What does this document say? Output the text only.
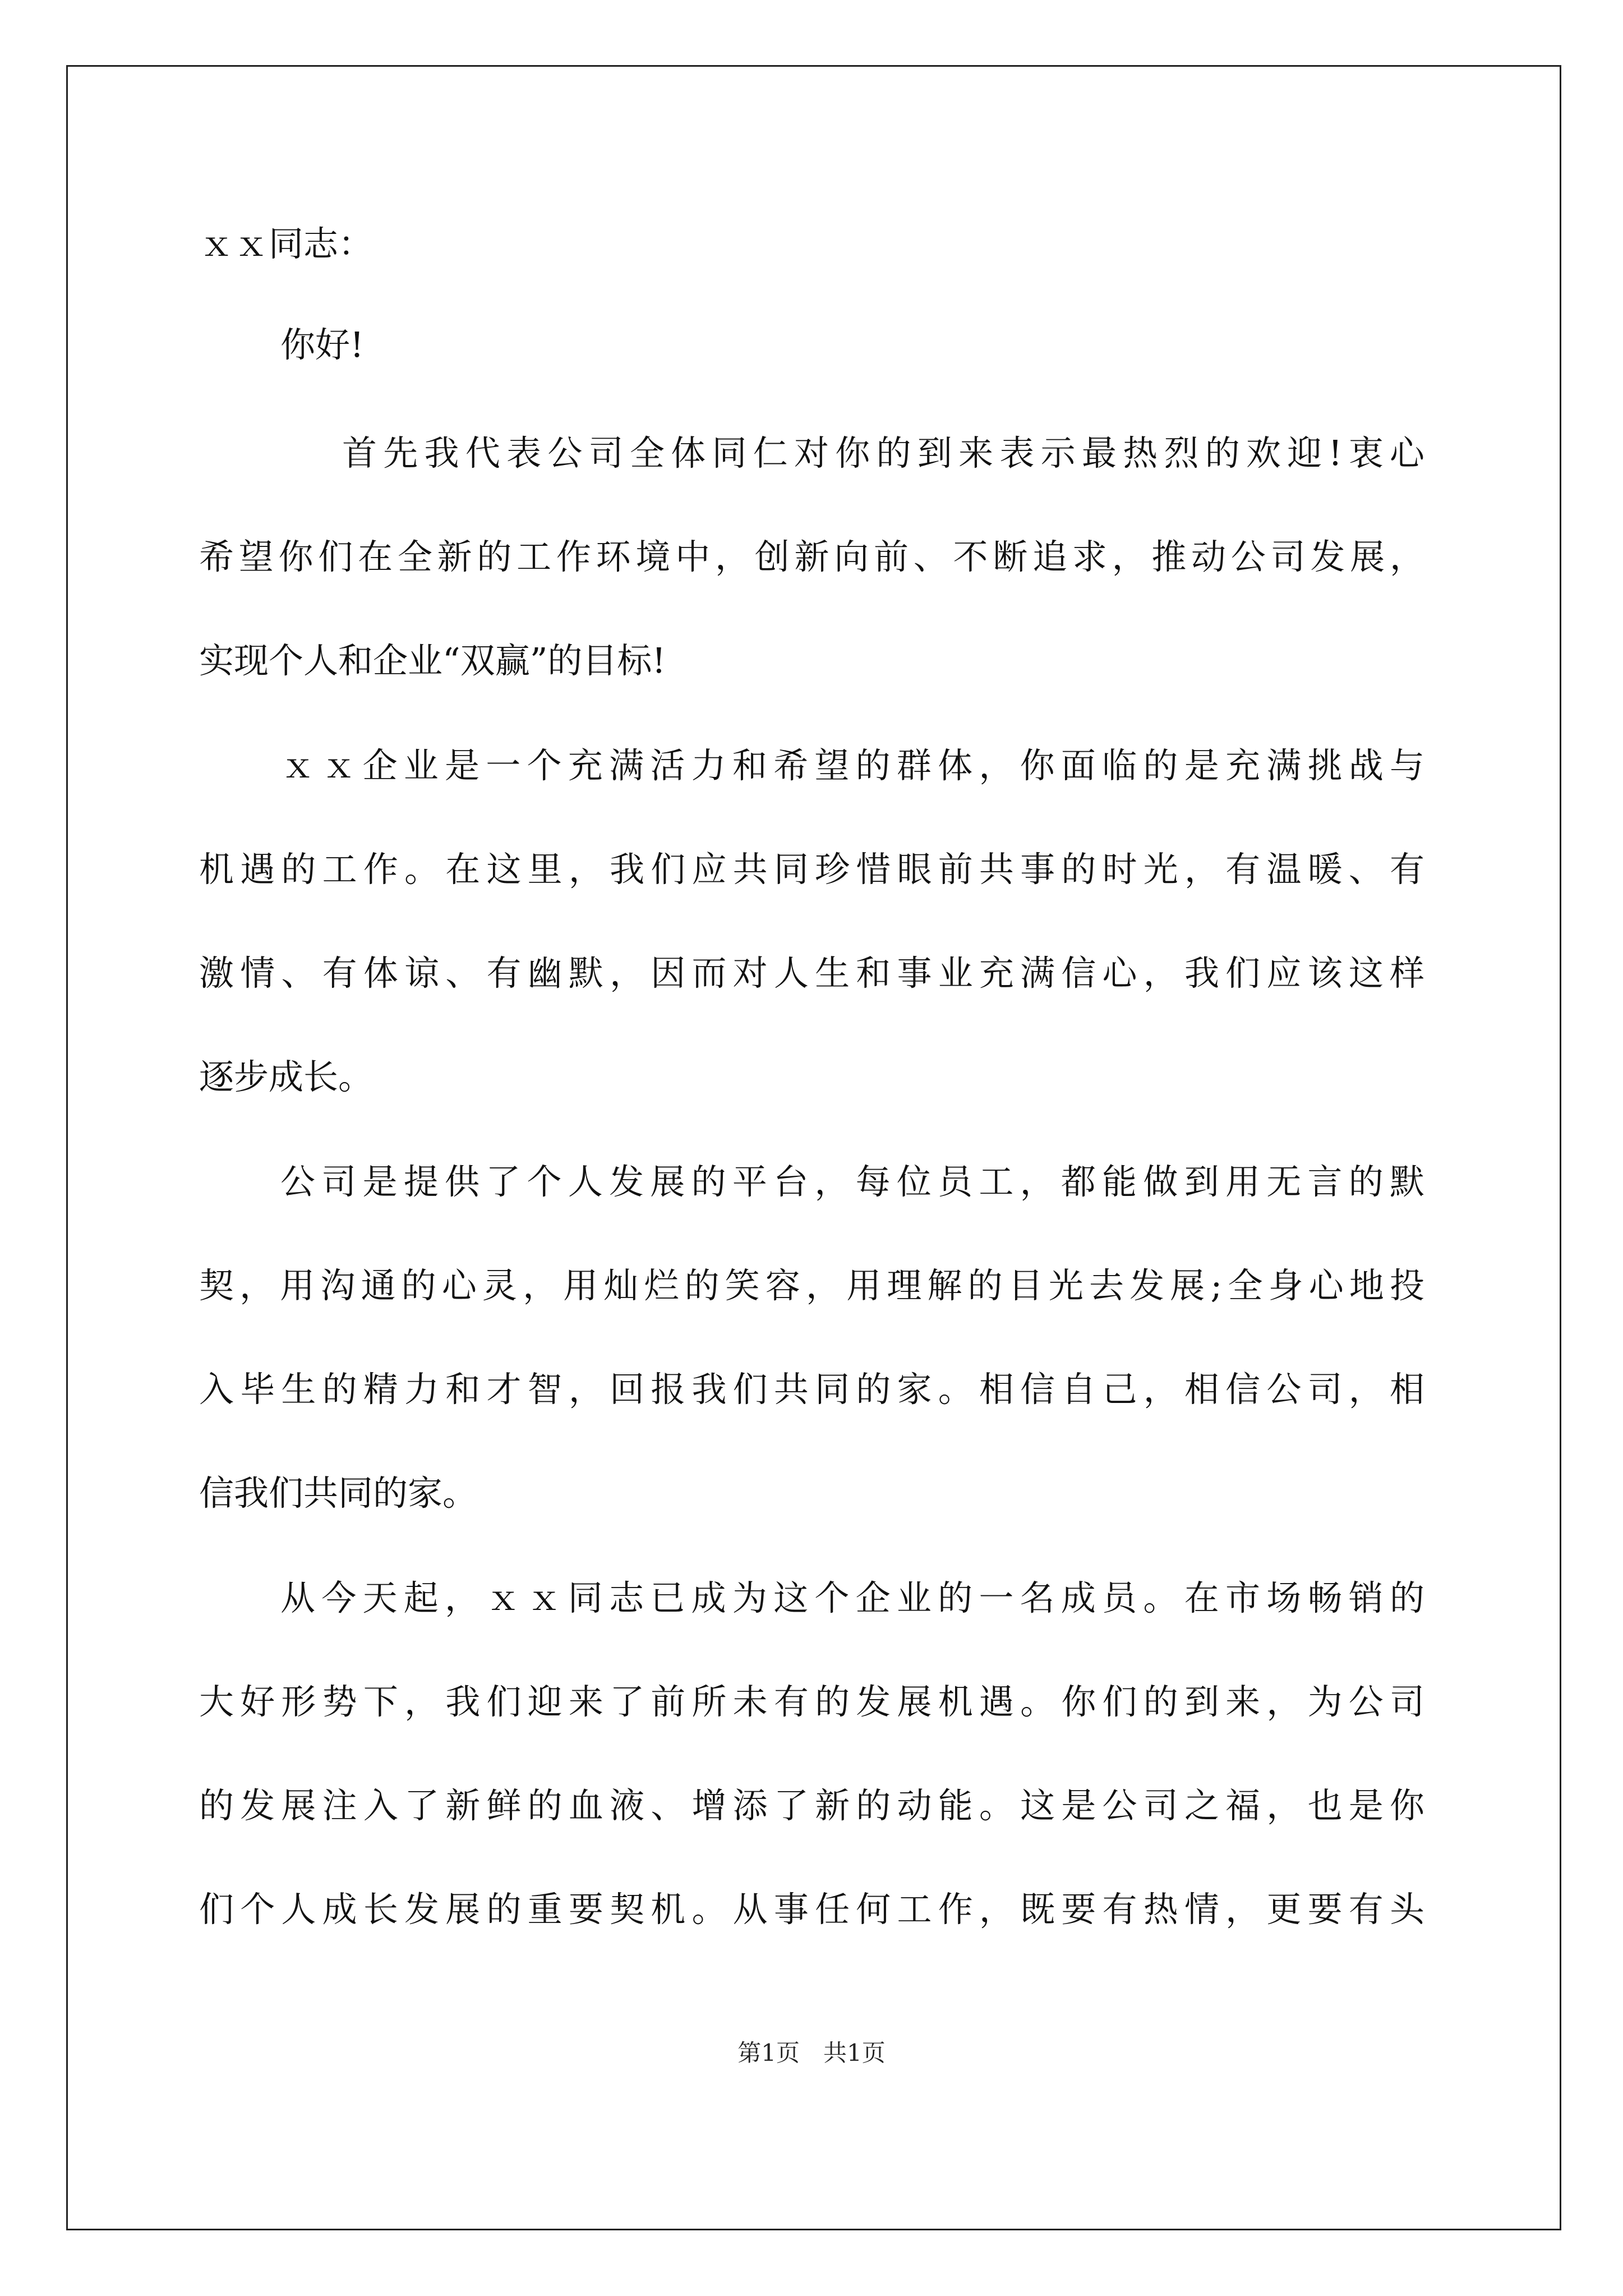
ｘｘ同志：
你好!
首先我代表公司全体同仁对你的到来表示最热烈的欢迎!衷心
希望你们在全新的工作环境中，创新向前、不断追求，推动公司发展，
实现个人和企业“双赢”的目标!
ｘｘ企业是一个充满活力和希望的群体，你面临的是充满挑战与
机遇的工作。在这里，我们应共同珍惜眼前共事的时光，有温暖、有
激情、有体谅、有幽默，因而对人生和事业充满信心，我们应该这样
逐步成长。
公司是提供了个人发展的平台，每位员工，都能做到用无言的默
契，用沟通的心灵，用灿烂的笑容，用理解的目光去发展;全身心地投
入毕生的精力和才智，回报我们共同的家。相信自己，相信公司，相
信我们共同的家。
从今天起，ｘｘ同志已成为这个企业的一名成员。在市场畅销的
大好形势下，我们迎来了前所未有的发展机遇。你们的到来，为公司
的发展注入了新鲜的血液、增添了新的动能。这是公司之福，也是你
们个人成长发展的重要契机。从事任何工作，既要有热情，更要有头
第1页　共1页
